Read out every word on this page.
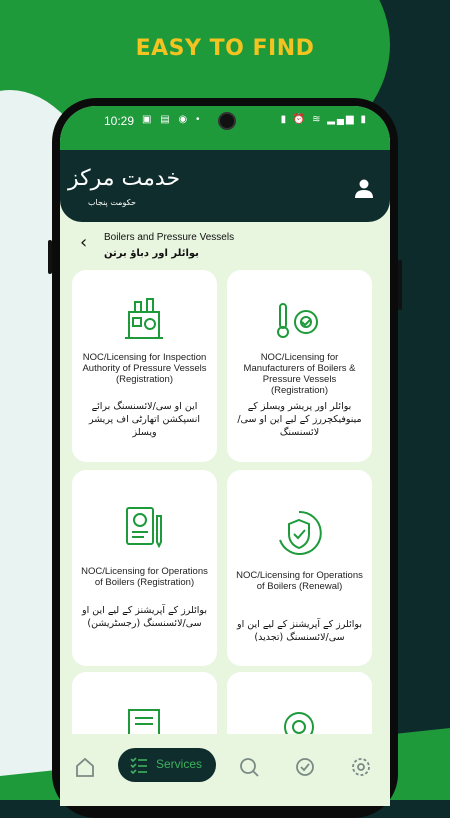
EASY TO FIND
10:29 ▣ ▤ ◉ •	▮ ⏰ ≋ ▂▄▆ ▮
خدمت مرکز
حکومت پنجاب
‹ Boilers and Pressure Vessels
بوائلر اور دباؤ برتن
NOC/Licensing for Inspection Authority of Pressure Vessels (Registration)
این او سی/لائسنسنگ برائے انسپکشن اتھارٹی اف پریشر ویسلز
NOC/Licensing for Manufacturers of Boilers & Pressure Vessels (Registration)
بوائلر اور پریشر ویسلز کے مینوفیکچررز کے لیے این او سی/لائسنسنگ
NOC/Licensing for Operations of Boilers (Registration)
بوائلرز کے آپریشنز کے لیے این او سی/لائسنسنگ (رجسٹریشن)
NOC/Licensing for Operations of Boilers (Renewal)
بوائلرز کے آپریشنز کے لیے این او سی/لائسنسنگ (تجدید)
Services
